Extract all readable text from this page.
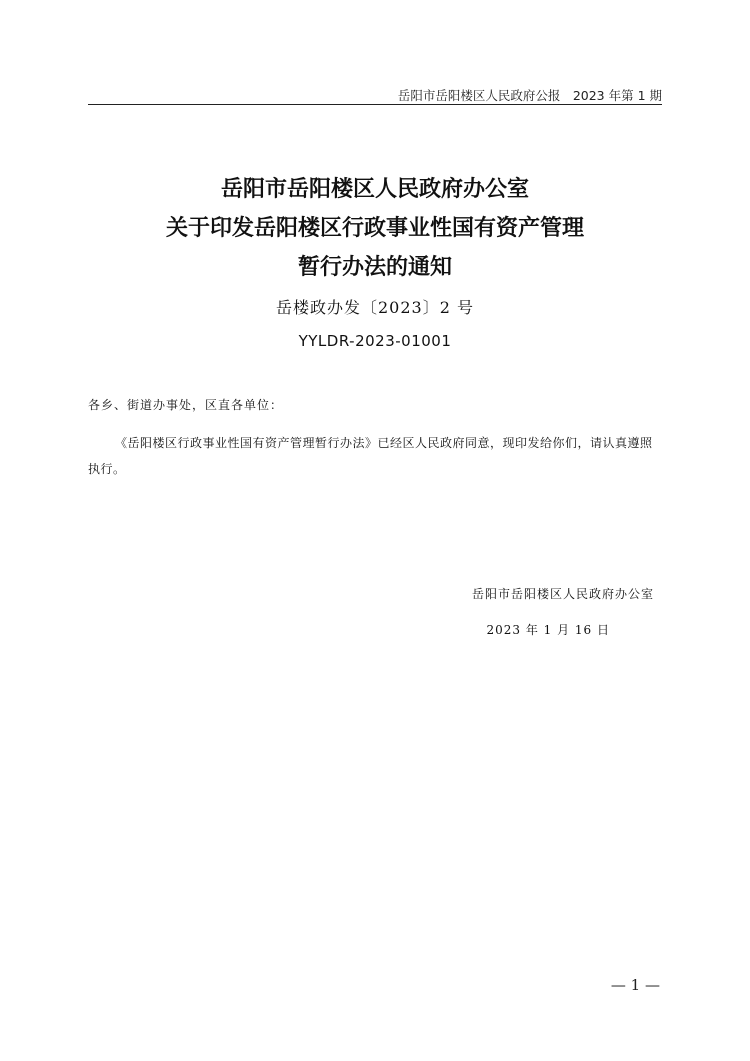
岳阳市岳阳楼区人民政府公报　2023 年第 1 期
岳阳市岳阳楼区人民政府办公室
关于印发岳阳楼区行政事业性国有资产管理
暂行办法的通知
岳楼政办发〔2023〕2 号
YYLDR-2023-01001
各乡、街道办事处，区直各单位：
《岳阳楼区行政事业性国有资产管理暂行办法》已经区人民政府同意，现印发给你们，请认真遵照执行。
岳阳市岳阳楼区人民政府办公室
2023 年 1 月 16 日
— 1 —
